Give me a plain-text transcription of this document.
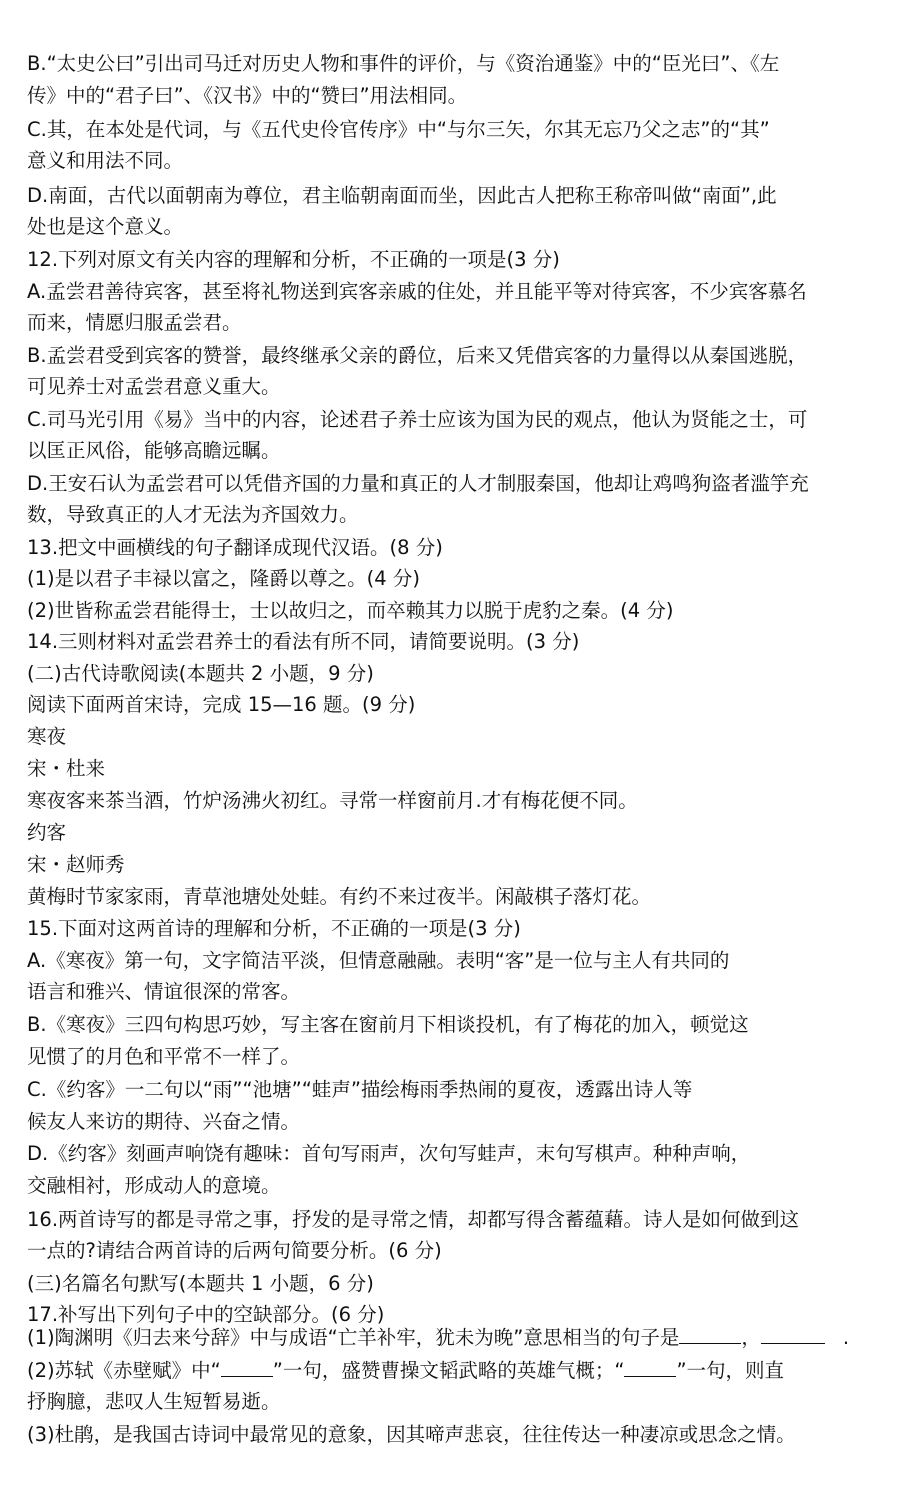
B.“太史公曰”引出司马迁对历史人物和事件的评价，与《资治通鉴》中的“臣光曰”、《左
传》中的“君子曰”、《汉书》中的“赞曰”用法相同。
C.其，在本处是代词，与《五代史伶官传序》中“与尔三矢，尔其无忘乃父之志”的“其”
意义和用法不同。
D.南面，古代以面朝南为尊位，君主临朝南面而坐，因此古人把称王称帝叫做“南面”,此
处也是这个意义。
12.下列对原文有关内容的理解和分析，不正确的一项是(3 分)
A.孟尝君善待宾客，甚至将礼物送到宾客亲戚的住处，并且能平等对待宾客，不少宾客慕名
而来，情愿归服孟尝君。
B.孟尝君受到宾客的赞誉，最终继承父亲的爵位，后来又凭借宾客的力量得以从秦国逃脱，
可见养士对孟尝君意义重大。
C.司马光引用《易》当中的内容，论述君子养士应该为国为民的观点，他认为贤能之士，可
以匡正风俗，能够高瞻远瞩。
D.王安石认为孟尝君可以凭借齐国的力量和真正的人才制服秦国，他却让鸡鸣狗盗者滥竽充
数，导致真正的人才无法为齐国效力。
13.把文中画横线的句子翻译成现代汉语。(8 分)
(1)是以君子丰禄以富之，隆爵以尊之。(4 分)
(2)世皆称孟尝君能得士，士以故归之，而卒赖其力以脱于虎豹之秦。(4 分)
14.三则材料对孟尝君养士的看法有所不同，请简要说明。(3 分)
(二)古代诗歌阅读(本题共 2 小题，9 分)
阅读下面两首宋诗，完成 15—16 题。(9 分)
寒夜
宋・杜来
寒夜客来茶当酒，竹炉汤沸火初红。寻常一样窗前月.才有梅花便不同。
约客
宋・赵师秀
黄梅时节家家雨，青草池塘处处蛙。有约不来过夜半。闲敲棋子落灯花。
15.下面对这两首诗的理解和分析，不正确的一项是(3 分)
A.《寒夜》第一句，文字简洁平淡，但情意融融。表明“客”是一位与主人有共同的
语言和雅兴、情谊很深的常客。
B.《寒夜》三四句构思巧妙，写主客在窗前月下相谈投机，有了梅花的加入，顿觉这
见惯了的月色和平常不一样了。
C.《约客》一二句以“雨”“池塘”“蛙声”描绘梅雨季热闹的夏夜，透露出诗人等
候友人来访的期待、兴奋之情。
D.《约客》刻画声响饶有趣味：首句写雨声，次句写蛙声，末句写棋声。种种声响，
交融相衬，形成动人的意境。
16.两首诗写的都是寻常之事，抒发的是寻常之情，却都写得含蓄蕴藉。诗人是如何做到这
一点的?请结合两首诗的后两句简要分析。(6 分)
(三)名篇名句默写(本题共 1 小题，6 分)
17.补写出下列句子中的空缺部分。(6 分)
(1)陶渊明《归去来兮辞》中与成语“亡羊补牢，犹未为晚”意思相当的句子是	，	.
(2)苏轼《赤壁赋》中“	”一句，盛赞曹操文韬武略的英雄气概；“	”一句，则直
抒胸臆，悲叹人生短暂易逝。
(3)杜鹃，是我国古诗词中最常见的意象，因其啼声悲哀，往往传达一种凄凉或思念之情。
